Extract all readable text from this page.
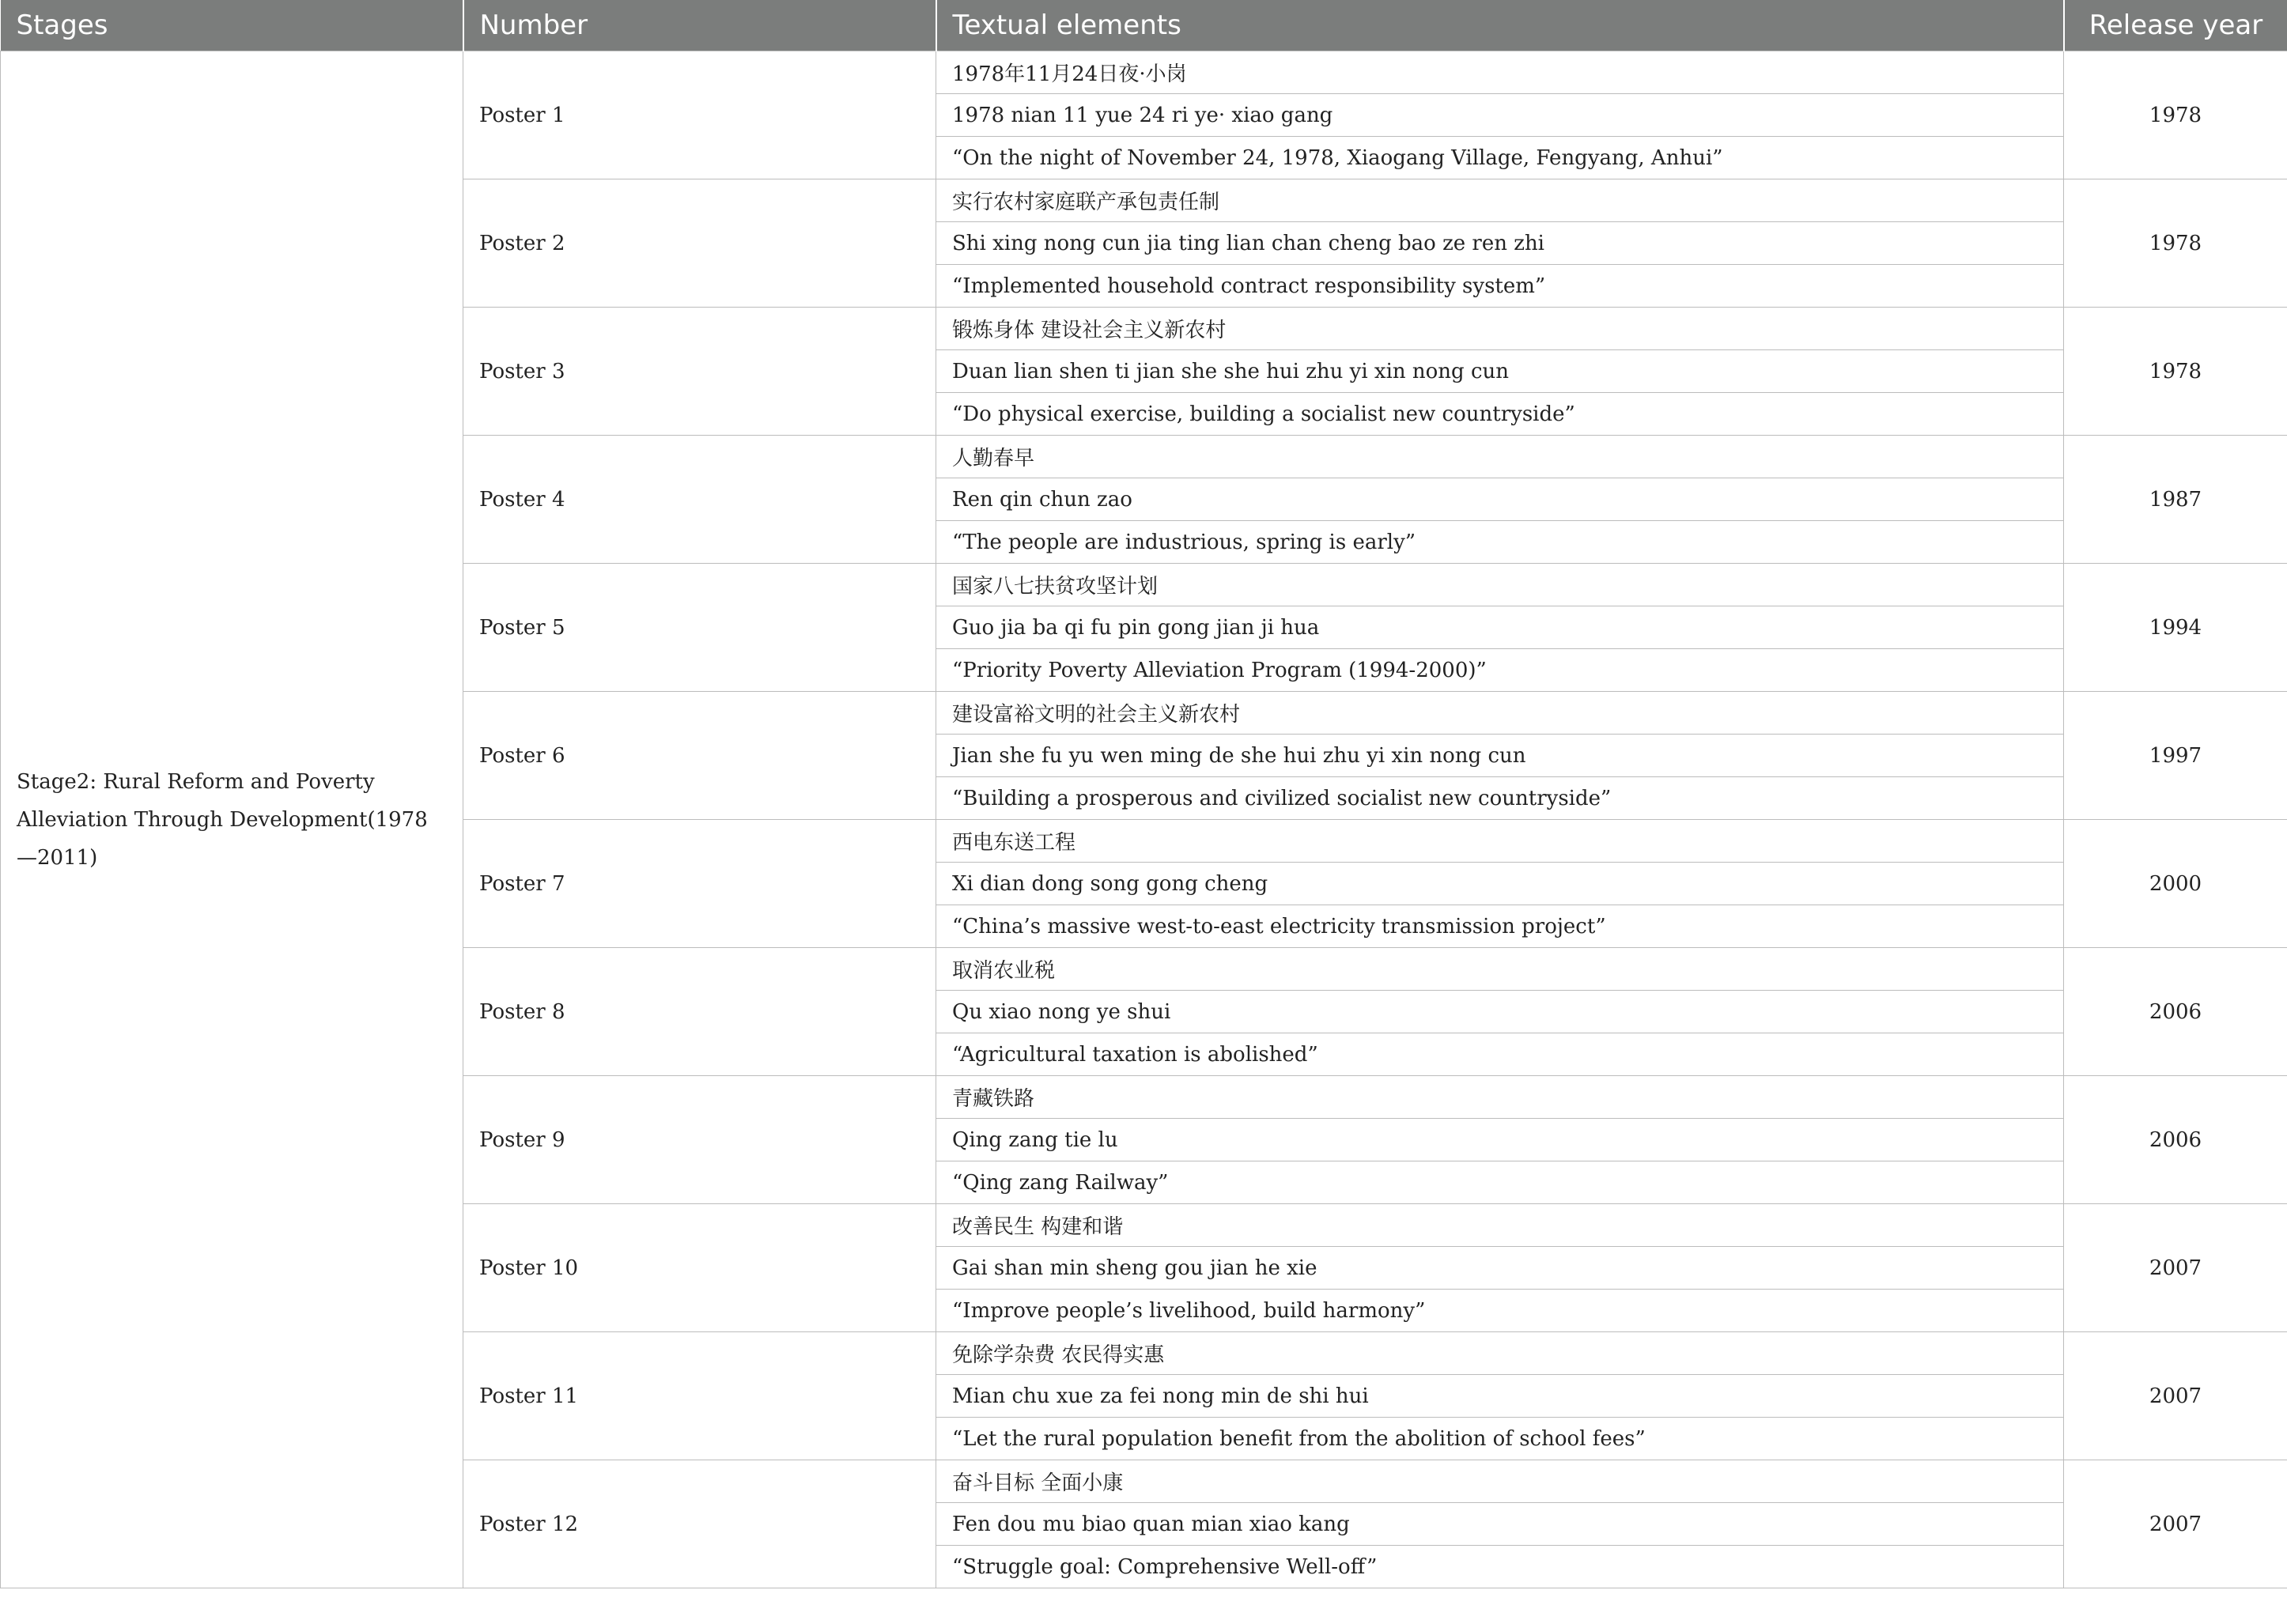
Stages	Number	Textual elements	Release year
Stage2: Rural Reform and Poverty Alleviation Through Development(1978—2011)	Poster 1	1978年11月24日夜·小岗	1978
		1978 nian 11 yue 24 ri ye· xiao gang	
		“On the night of November 24, 1978, Xiaogang Village, Fengyang, Anhui”	
	Poster 2	实行农村家庭联产承包责任制	1978
		Shi xing nong cun jia ting lian chan cheng bao ze ren zhi	
		“Implemented household contract responsibility system”	
	Poster 3	锻炼身体 建设社会主义新农村	1978
		Duan lian shen ti jian she she hui zhu yi xin nong cun	
		“Do physical exercise, building a socialist new countryside”	
	Poster 4	人勤春早	1987
		Ren qin chun zao	
		“The people are industrious, spring is early”	
	Poster 5	国家八七扶贫攻坚计划	1994
		Guo jia ba qi fu pin gong jian ji hua	
		“Priority Poverty Alleviation Program (1994-2000)”	
	Poster 6	建设富裕文明的社会主义新农村	1997
		Jian she fu yu wen ming de she hui zhu yi xin nong cun	
		“Building a prosperous and civilized socialist new countryside”	
	Poster 7	西电东送工程	2000
		Xi dian dong song gong cheng	
		“China’s massive west-to-east electricity transmission project”	
	Poster 8	取消农业税	2006
		Qu xiao nong ye shui	
		“Agricultural taxation is abolished”	
	Poster 9	青藏铁路	2006
		Qing zang tie lu	
		“Qing zang Railway”	
	Poster 10	改善民生 构建和谐	2007
		Gai shan min sheng gou jian he xie	
		“Improve people’s livelihood, build harmony”	
	Poster 11	免除学杂费 农民得实惠	2007
		Mian chu xue za fei nong min de shi hui	
		“Let the rural population benefit from the abolition of school fees”	
	Poster 12	奋斗目标 全面小康	2007
		Fen dou mu biao quan mian xiao kang	
		“Struggle goal: Comprehensive Well-off”	
